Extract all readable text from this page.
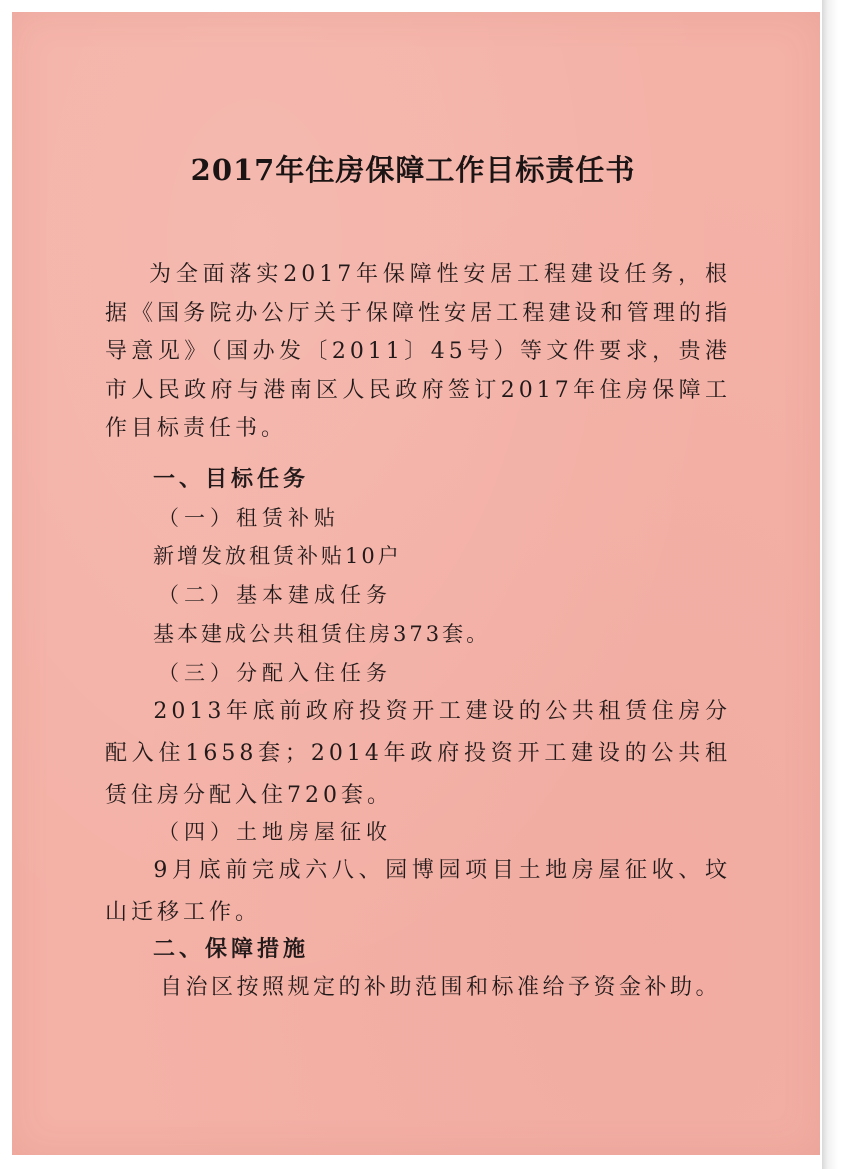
2017年住房保障工作目标责任书

为全面落实2017年保障性安居工程建设任务，根据《国务院办公厅关于保障性安居工程建设和管理的指导意见》（国办发〔2011〕45号）等文件要求，贵港市人民政府与港南区人民政府签订2017年住房保障工作目标责任书。

一、目标任务

（一）租赁补贴

新增发放租赁补贴10户

（二）基本建成任务

基本建成公共租赁住房373套。

（三）分配入住任务

2013年底前政府投资开工建设的公共租赁住房分配入住1658套；2014年政府投资开工建设的公共租赁住房分配入住720套。

（四）土地房屋征收

9月底前完成六八、园博园项目土地房屋征收、坟山迁移工作。

二、保障措施

自治区按照规定的补助范围和标准给予资金补助。
